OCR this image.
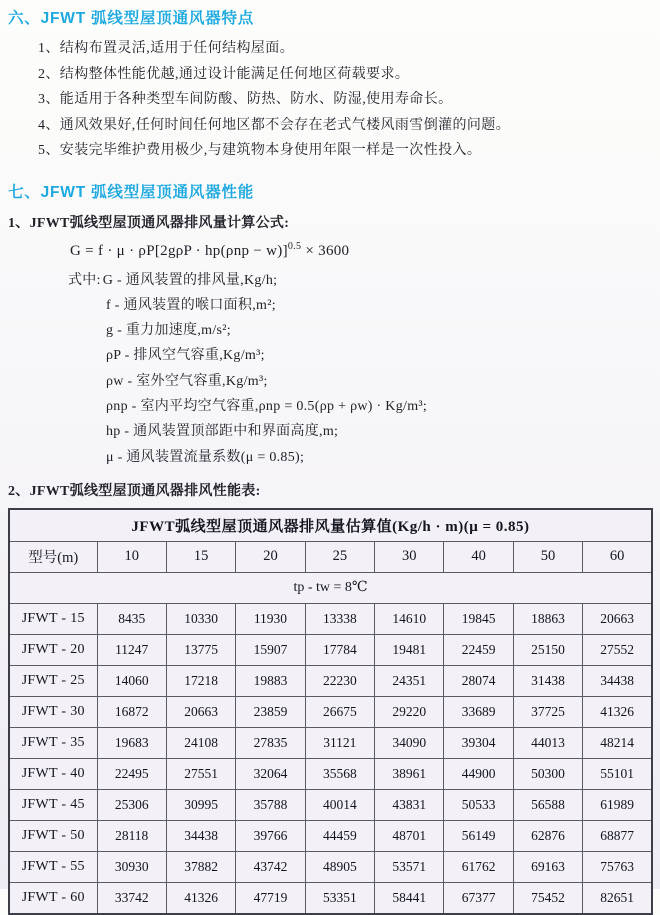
六、JFWT 弧线型屋顶通风器特点

1、结构布置灵活,适用于任何结构屋面。

2、结构整体性能优越,通过设计能满足任何地区荷载要求。

3、能适用于各种类型车间防酸、防热、防水、防湿,使用寿命长。

4、通风效果好,任何时间任何地区都不会存在老式气楼风雨雪倒灌的问题。

5、安装完毕维护费用极少,与建筑物本身使用年限一样是一次性投入。

七、JFWT 弧线型屋顶通风器性能

1、JFWT弧线型屋顶通风器排风量计算公式:

$G = f \cdot \mu \cdot \rho P[2g\rho P \cdot hp(\rho np - w)]^{0.5} \times 3600$
式中: G - 通风装置的排风量,Kg/h;
f - 通风装置的喉口面积,m²;
g - 重力加速度,m/s²;
ρP - 排风空气容重,Kg/m³;
ρw - 室外空气容重,Kg/m³;
ρnp - 室内平均空气容重,ρnp = 0.5(ρp + ρw) · Kg/m³;
hp - 通风装置顶部距中和界面高度,m;
μ - 通风装置流量系数(μ = 0.85);

2、JFWT弧线型屋顶通风器排风性能表:

JFWT弧线型屋顶通风器排风量估算值(Kg/h · m)(μ = 0.85)								
型号(m)	10	15	20	25	30	40	50	60
tp - tw = 8℃								
JFWT - 15	8435	10330	11930	13338	14610	19845	18863	20663
JFWT - 20	11247	13775	15907	17784	19481	22459	25150	27552
JFWT - 25	14060	17218	19883	22230	24351	28074	31438	34438
JFWT - 30	16872	20663	23859	26675	29220	33689	37725	41326
JFWT - 35	19683	24108	27835	31121	34090	39304	44013	48214
JFWT - 40	22495	27551	32064	35568	38961	44900	50300	55101
JFWT - 45	25306	30995	35788	40014	43831	50533	56588	61989
JFWT - 50	28118	34438	39766	44459	48701	56149	62876	68877
JFWT - 55	30930	37882	43742	48905	53571	61762	69163	75763
JFWT - 60	33742	41326	47719	53351	58441	67377	75452	82651
